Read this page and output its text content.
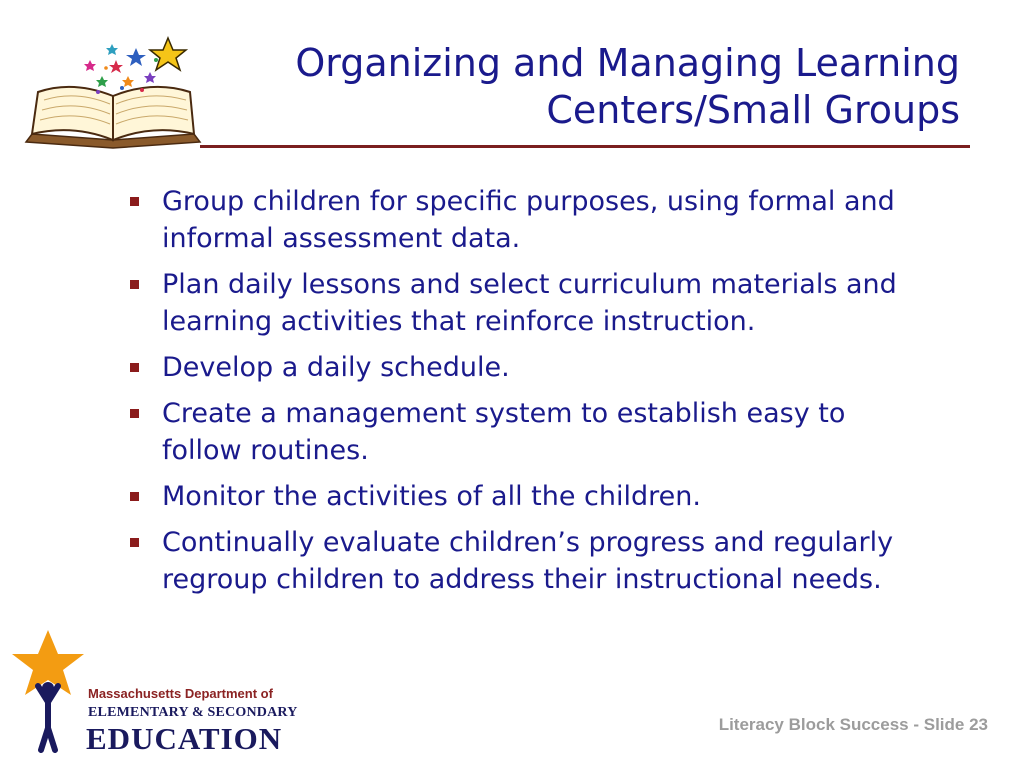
Organizing and Managing Learning
Centers/Small Groups
Group children for specific purposes, using formal and informal assessment data.
Plan daily lessons and select curriculum materials and learning activities that reinforce instruction.
Develop a daily schedule.
Create a management system to establish easy to follow routines.
Monitor the activities of all the children.
Continually evaluate children’s progress and regularly regroup children to address their instructional needs.
Massachusetts Department of
ELEMENTARY & SECONDARY
EDUCATION	Literacy Block Success - Slide 23
